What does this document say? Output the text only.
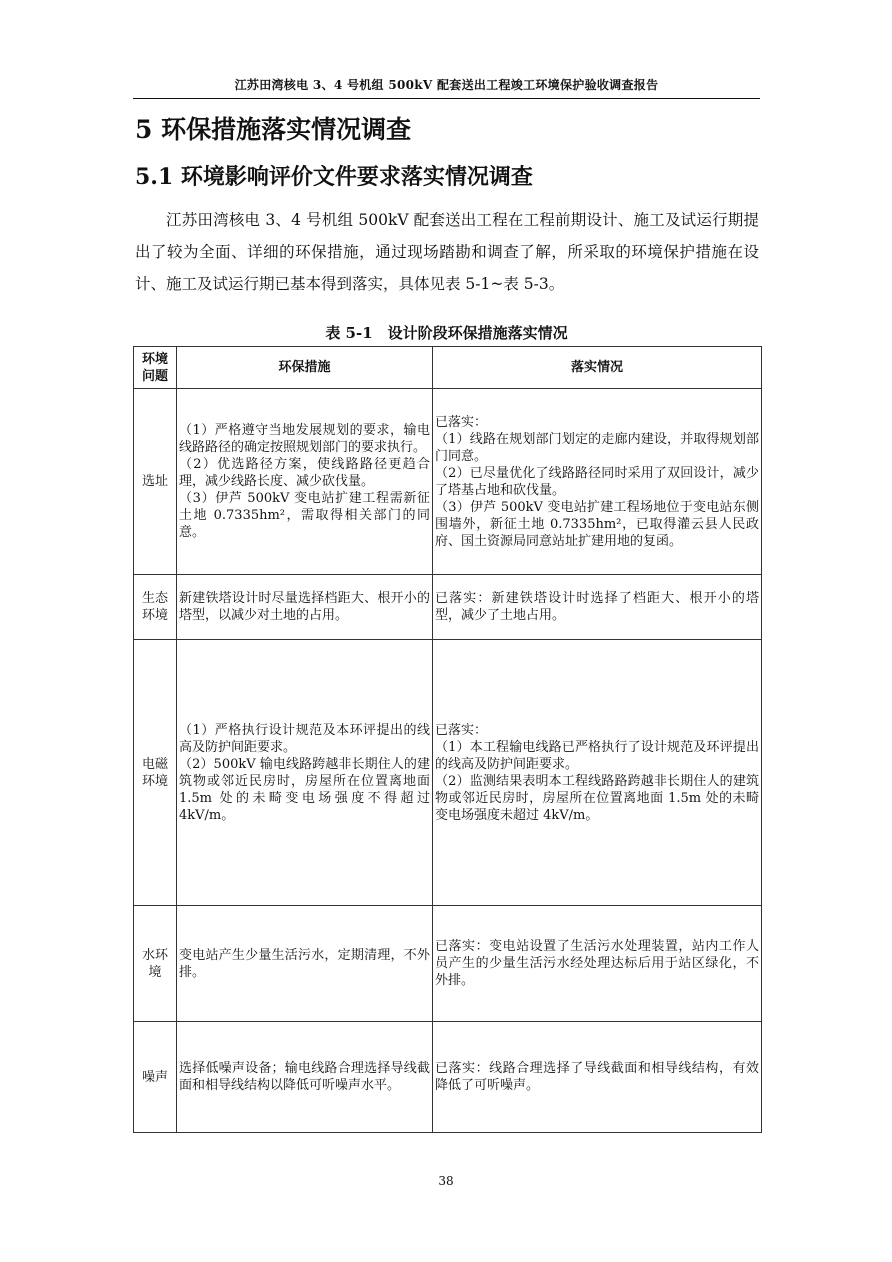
江苏田湾核电 3、4 号机组 500kV 配套送出工程竣工环境保护验收调查报告
5 环保措施落实情况调查
5.1 环境影响评价文件要求落实情况调查
江苏田湾核电 3、4 号机组 500kV 配套送出工程在工程前期设计、施工及试运行期提出了较为全面、详细的环保措施，通过现场踏勘和调查了解，所采取的环境保护措施在设计、施工及试运行期已基本得到落实，具体见表 5-1~表 5-3。
表 5-1　设计阶段环保措施落实情况
环境问题	环保措施	落实情况
选址	（1）严格遵守当地发展规划的要求，输电线路路径的确定按照规划部门的要求执行。
（2）优选路径方案，使线路路径更趋合理，减少线路长度、减少砍伐量。
（3）伊芦 500kV 变电站扩建工程需新征土地 0.7335hm²，需取得相关部门的同意。	已落实：
（1）线路在规划部门划定的走廊内建设，并取得规划部门同意。
（2）已尽量优化了线路路径同时采用了双回设计，减少了塔基占地和砍伐量。
（3）伊芦 500kV 变电站扩建工程场地位于变电站东侧围墙外，新征土地 0.7335hm²，已取得灌云县人民政府、国土资源局同意站址扩建用地的复函。

生态环境	新建铁塔设计时尽量选择档距大、根开小的塔型，以减少对土地的占用。	已落实：新建铁塔设计时选择了档距大、根开小的塔型，减少了土地占用。

电磁环境	（1）严格执行设计规范及本环评提出的线高及防护间距要求。
（2）500kV 输电线路跨越非长期住人的建筑物或邻近民房时，房屋所在位置离地面 1.5m 处的未畸变电场强度不得超过 4kV/m。	已落实：
（1）本工程输电线路已严格执行了设计规范及环评提出的线高及防护间距要求。
（2）监测结果表明本工程线路路跨越非长期住人的建筑物或邻近民房时，房屋所在位置离地面 1.5m 处的未畸变电场强度未超过 4kV/m。

水环境	变电站产生少量生活污水，定期清理，不外排。	已落实：变电站设置了生活污水处理装置，站内工作人员产生的少量生活污水经处理达标后用于站区绿化，不外排。

噪声	选择低噪声设备；输电线路合理选择导线截面和相导线结构以降低可听噪声水平。	已落实：线路合理选择了导线截面和相导线结构，有效降低了可听噪声。
38
